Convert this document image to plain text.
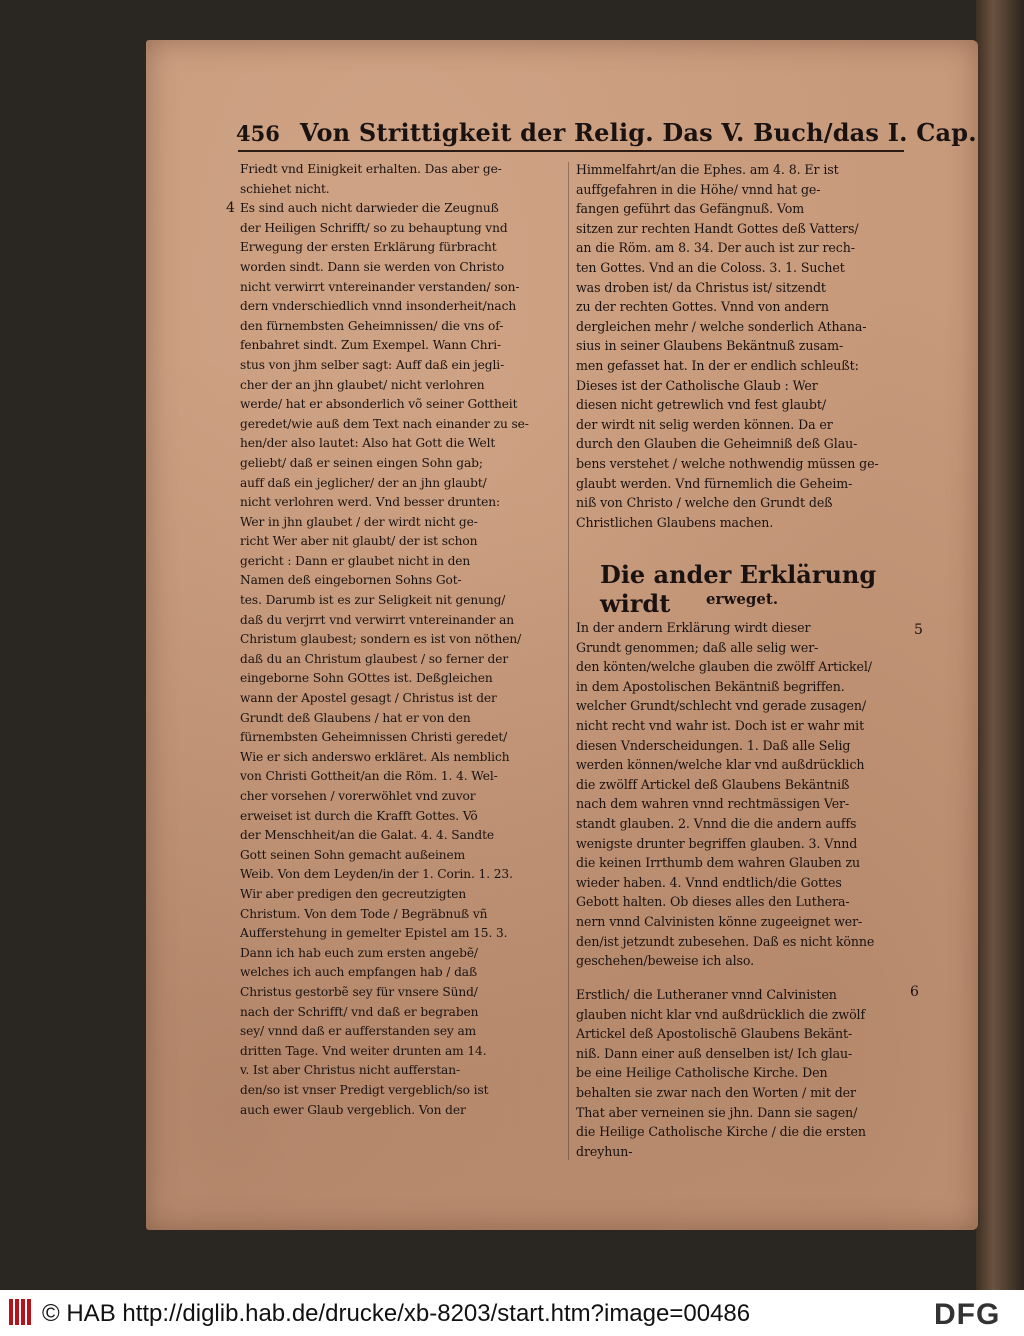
456 Von Strittigkeit der Relig. Das V. Buch/das I. Cap.
Friedt vnd Einigkeit erhalten. Das aber ge-
schiehet nicht.
Es sind auch nicht darwieder die Zeugnuß
der Heiligen Schrifft/ so zu behauptung vnd
Erwegung der ersten Erklärung fürbracht
worden sindt. Dann sie werden von Christo
nicht verwirrt vntereinander verstanden/ son-
dern vnderschiedlich vnnd insonderheit/nach
den fürnembsten Geheimnissen/ die vns of-
fenbahret sindt. Zum Exempel. Wann Chri-
stus von jhm selber sagt: Auff daß ein jegli-
cher der an jhn glaubet/ nicht verlohren
werde/ hat er absonderlich võ seiner Gottheit
geredet/wie auß dem Text nach einander zu se-
hen/der also lautet: Also hat Gott die Welt
geliebt/ daß er seinen eingen Sohn gab;
auff daß ein jeglicher/ der an jhn glaubt/
nicht verlohren werd. Vnd besser drunten:
Wer in jhn glaubet / der wirdt nicht ge-
richt Wer aber nit glaubt/ der ist schon
gericht : Dann er glaubet nicht in den
Namen deß eingebornen Sohns Got-
tes. Darumb ist es zur Seligkeit nit genung/
daß du verjrrt vnd verwirrt vntereinander an
Christum glaubest; sondern es ist von nöthen/
daß du an Christum glaubest / so ferner der
eingeborne Sohn GOttes ist. Deßgleichen
wann der Apostel gesagt / Christus ist der
Grundt deß Glaubens / hat er von den
fürnembsten Geheimnissen Christi geredet/
Wie er sich anderswo erkläret. Als nemblich
von Christi Gottheit/an die Röm. 1. 4. Wel-
cher vorsehen / vorerwöhlet vnd zuvor
erweiset ist durch die Krafft Gottes. Võ
der Menschheit/an die Galat. 4. 4. Sandte
Gott seinen Sohn gemacht außeinem
Weib. Von dem Leyden/in der 1. Corin. 1. 23.
Wir aber predigen den gecreutzigten
Christum. Von dem Tode / Begräbnuß vñ
Aufferstehung in gemelter Epistel am 15. 3.
Dann ich hab euch zum ersten angebẽ/
welches ich auch empfangen hab / daß
Christus gestorbẽ sey für vnsere Sünd/
nach der Schrifft/ vnd daß er begraben
sey/ vnnd daß er aufferstanden sey am
dritten Tage. Vnd weiter drunten am 14.
v. Ist aber Christus nicht aufferstan-
den/so ist vnser Predigt vergeblich/so ist
auch ewer Glaub vergeblich. Von der
4
5
6
Himmelfahrt/an die Ephes. am 4. 8. Er ist
auffgefahren in die Höhe/ vnnd hat ge-
fangen geführt das Gefängnuß. Vom
sitzen zur rechten Handt Gottes deß Vatters/
an die Röm. am 8. 34. Der auch ist zur rech-
ten Gottes. Vnd an die Coloss. 3. 1. Suchet
was droben ist/ da Christus ist/ sitzendt
zu der rechten Gottes. Vnnd von andern
dergleichen mehr / welche sonderlich Athana-
sius in seiner Glaubens Bekäntnuß zusam-
men gefasset hat. In der er endlich schleußt:
Dieses ist der Catholische Glaub : Wer
diesen nicht getrewlich vnd fest glaubt/
der wirdt nit selig werden können. Da er
durch den Glauben die Geheimniß deß Glau-
bens verstehet / welche nothwendig müssen ge-
glaubt werden. Vnd fürnemlich die Geheim-
niß von Christo / welche den Grundt deß
Christlichen Glaubens machen.
Die ander Erklärung wirdt	erweget.
In der andern Erklärung wirdt dieser
Grundt genommen; daß alle selig wer-
den könten/welche glauben die zwölff Artickel/
in dem Apostolischen Bekäntniß begriffen.
welcher Grundt/schlecht vnd gerade zusagen/
nicht recht vnd wahr ist. Doch ist er wahr mit
diesen Vnderscheidungen. 1. Daß alle Selig
werden können/welche klar vnd außdrücklich
die zwölff Artickel deß Glaubens Bekäntniß
nach dem wahren vnnd rechtmässigen Ver-
standt glauben. 2. Vnnd die die andern auffs
wenigste drunter begriffen glauben. 3. Vnnd
die keinen Irrthumb dem wahren Glauben zu
wieder haben. 4. Vnnd endtlich/die Gottes
Gebott halten. Ob dieses alles den Luthera-
nern vnnd Calvinisten könne zugeeignet wer-
den/ist jetzundt zubesehen. Daß es nicht könne
geschehen/beweise ich also.
Erstlich/ die Lutheraner vnnd Calvinisten
glauben nicht klar vnd außdrücklich die zwölf
Artickel deß Apostolischẽ Glaubens Bekänt-
niß. Dann einer auß denselben ist/ Ich glau-
be eine Heilige Catholische Kirche. Den
behalten sie zwar nach den Worten / mit der
That aber verneinen sie jhn. Dann sie sagen/
die Heilige Catholische Kirche / die die ersten
dreyhun-
© HAB http://diglib.hab.de/drucke/xb-8203/start.htm?image=00486	DFG
